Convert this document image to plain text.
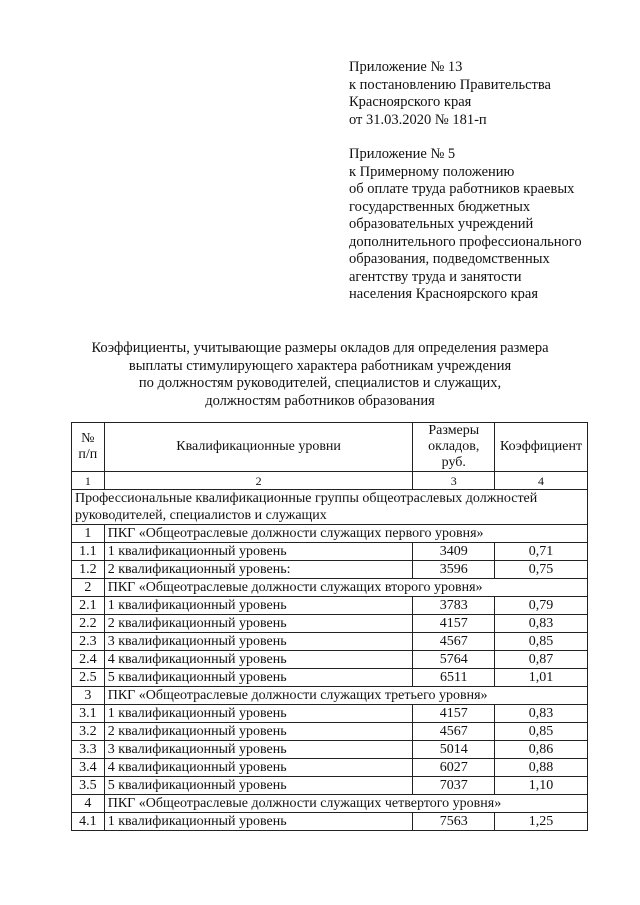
Приложение № 13
к постановлению Правительства
Красноярского края
от 31.03.2020 № 181-п
Приложение № 5
к Примерному положению
об оплате труда работников краевых
государственных бюджетных
образовательных учреждений
дополнительного профессионального
образования, подведомственных
агентству труда и занятости
населения Красноярского края
Коэффициенты, учитывающие размеры окладов для определения размера
выплаты стимулирующего характера работникам учреждения
по должностям руководителей, специалистов и служащих,
должностям работников образования
№ п/п	Квалификационные уровни	Размеры окладов, руб.	Коэффициент
1	2	3	4
Профессиональные квалификационные группы общеотраслевых должностей руководителей, специалистов и служащих			
1	ПКГ «Общеотраслевые должности служащих первого уровня»		
1.1	1 квалификационный уровень	3409	0,71
1.2	2 квалификационный уровень:	3596	0,75
2	ПКГ «Общеотраслевые должности служащих второго уровня»		
2.1	1 квалификационный уровень	3783	0,79
2.2	2 квалификационный уровень	4157	0,83
2.3	3 квалификационный уровень	4567	0,85
2.4	4 квалификационный уровень	5764	0,87
2.5	5 квалификационный уровень	6511	1,01
3	ПКГ «Общеотраслевые должности служащих третьего уровня»		
3.1	1 квалификационный уровень	4157	0,83
3.2	2 квалификационный уровень	4567	0,85
3.3	3 квалификационный уровень	5014	0,86
3.4	4 квалификационный уровень	6027	0,88
3.5	5 квалификационный уровень	7037	1,10
4	ПКГ «Общеотраслевые должности служащих четвертого уровня»		
4.1	1 квалификационный уровень	7563	1,25
